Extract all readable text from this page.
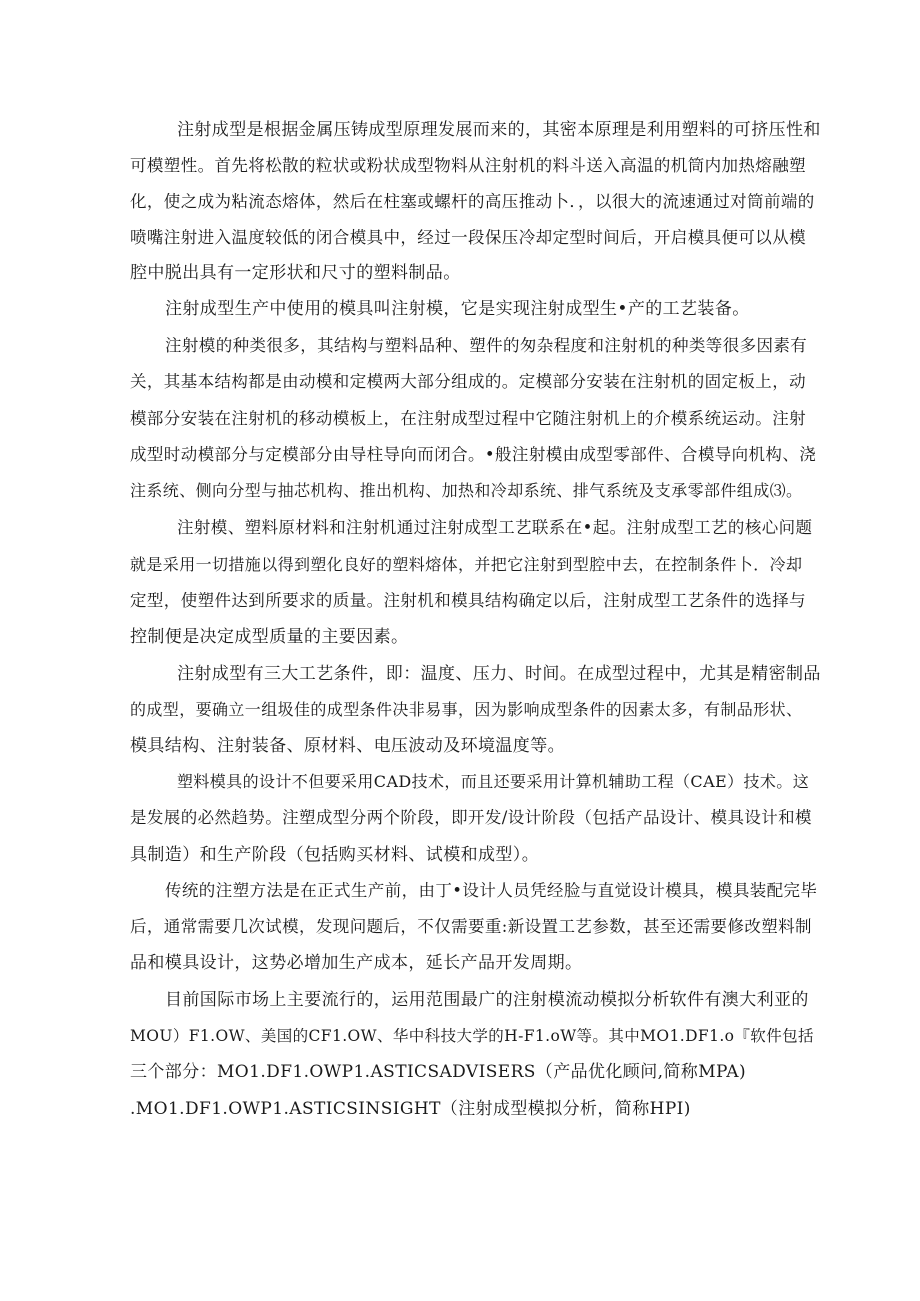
注射成型是根据金属压铸成型原理发展而来的，其密本原理是利用塑料的可挤压性和
可模塑性。首先将松散的粒状或粉状成型物料从注射机的料斗送入高温的机筒内加热熔融塑
化，使之成为粘流态熔体，然后在柱塞或螺杆的高压推动卜．，以很大的流速通过对筒前端的
喷嘴注射进入温度较低的闭合模具中，经过一段保压冷却定型时间后，开启模具便可以从模
腔中脱出具有一定形状和尺寸的塑料制品。
注射成型生产中使用的模具叫注射模，它是实现注射成型生•产的工艺装备。
注射模的种类很多，其结构与塑料品种、塑件的匆杂程度和注射机的种类等很多因素有
关，其基本结构都是由动模和定模两大部分组成的。定模部分安装在注射机的固定板上，动
模部分安装在注射机的移动模板上，在注射成型过程中它随注射机上的介模系统运动。注射
成型时动模部分与定模部分由导柱导向而闭合。•般注射模由成型零部件、合模导向机构、浇
注系统、侧向分型与抽芯机构、推出机构、加热和冷却系统、排气系统及支承零部件组成⑶。
注射模、塑料原材料和注射机通过注射成型工艺联系在•起。注射成型工艺的核心问题
就是采用一切措施以得到塑化良好的塑料熔体，并把它注射到型腔中去，在控制条件卜．冷却
定型，使塑件达到所要求的质量。注射机和模具结构确定以后，注射成型工艺条件的选择与
控制便是决定成型质量的主要因素。
注射成型有三大工艺条件，即：温度、压力、时间。在成型过程中，尤其是精密制品
的成型，要确立一组圾佳的成型条件决非易事，因为影响成型条件的因素太多，有制品形状、
模具结构、注射装备、原材料、电压波动及环境温度等。
塑料模具的设计不但要采用CAD技术，而且还要采用计算机辅助工程（CAE）技术。这
是发展的必然趋势。注塑成型分两个阶段，即开发/设计阶段（包括产品设计、模具设计和模
具制造）和生产阶段（包括购买材料、试模和成型）。
传统的注塑方法是在正式生产前，由丁•设计人员凭经脸与直觉设计模具，模具装配完毕
后，通常需要几次试模，发现问题后，不仅需要重:新设置工艺参数，甚至还需要修改塑料制
品和模具设计，这势必增加生产成本，延长产品开发周期。
目前国际市场上主要流行的，运用范围最广的注射模流动模拟分析软件有澳大利亚的
MOU）F1.OW、美国的CF1.OW、华中科技大学的H-F1.oW等。其中MO1.DF1.o『软件包括
三个部分：MO1.DF1.OWP1.ASTICSADVISERS（产品优化顾问,简称MPA)
.MO1.DF1.OWP1.ASTICSINSIGHT（注射成型模拟分析，简称HPI)
